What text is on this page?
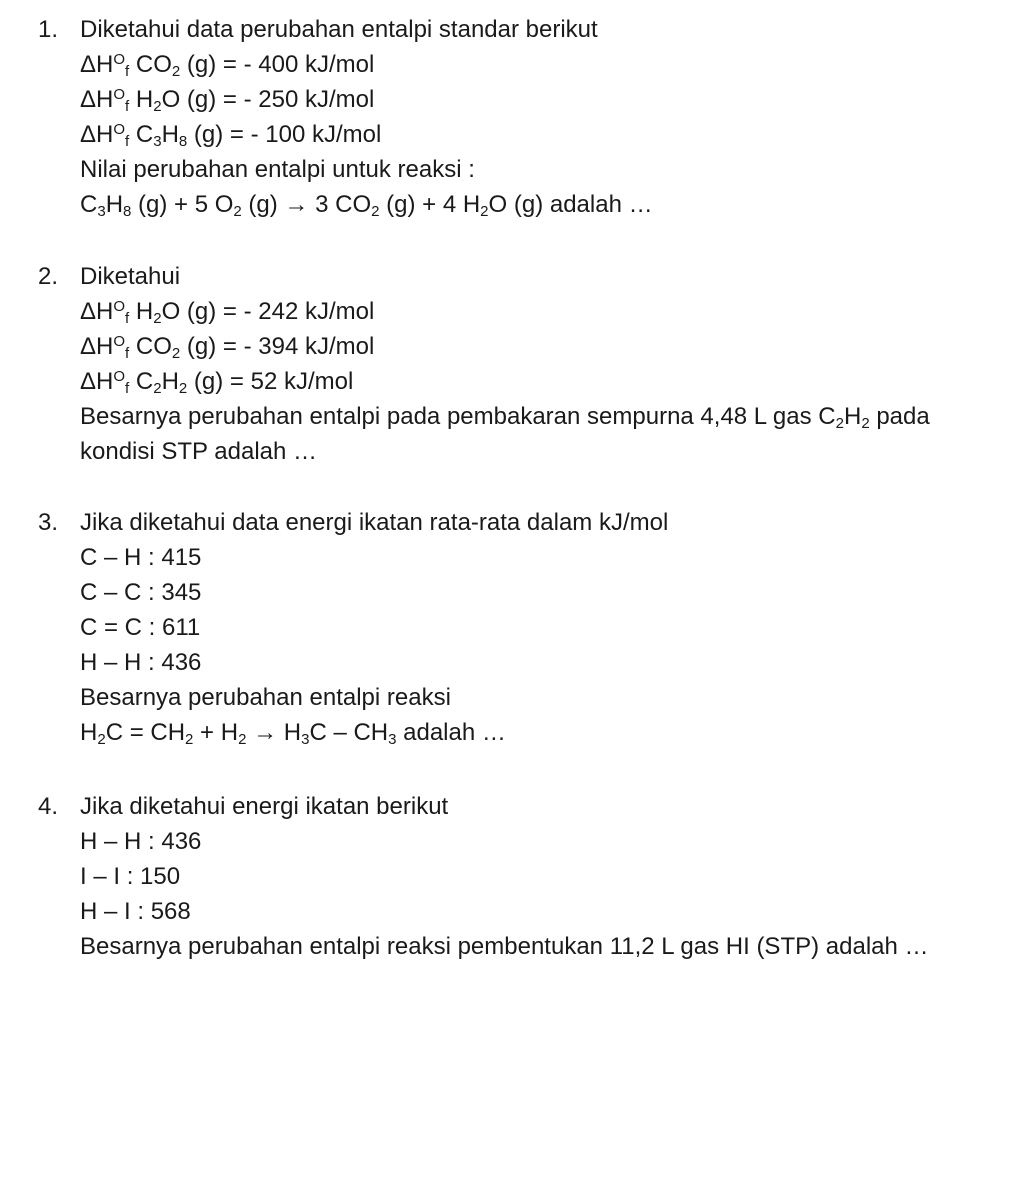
1. Diketahui data perubahan entalpi standar berikut
$\Delta H^O_f$ $CO_2$ (g) = - 400 kJ/mol
$\Delta H^O_f$ $H_2O$ (g) = - 250 kJ/mol
$\Delta H^O_f$ $C_3H_8$ (g) = - 100 kJ/mol
Nilai perubahan entalpi untuk reaksi :
$C_3H_8$ (g) + 5 $O_2$ (g) → 3 $CO_2$ (g) + 4 $H_2O$ (g) adalah …
2. Diketahui
$\Delta H^O_f$ $H_2O$ (g) = - 242 kJ/mol
$\Delta H^O_f$ $CO_2$ (g) = - 394 kJ/mol
$\Delta H^O_f$ $C_2H_2$ (g) = 52 kJ/mol
Besarnya perubahan entalpi pada pembakaran sempurna 4,48 L gas $C_2H_2$ pada
kondisi STP adalah …
3. Jika diketahui data energi ikatan rata-rata dalam kJ/mol
C – H : 415
C – C : 345
C = C : 611
H – H : 436
Besarnya perubahan entalpi reaksi
$H_2C = CH_2 + H_2 \to H_3C - CH_3$ adalah …
4. Jika diketahui energi ikatan berikut
H – H : 436
I – I : 150
H – I : 568
Besarnya perubahan entalpi reaksi pembentukan 11,2 L gas HI (STP) adalah …
